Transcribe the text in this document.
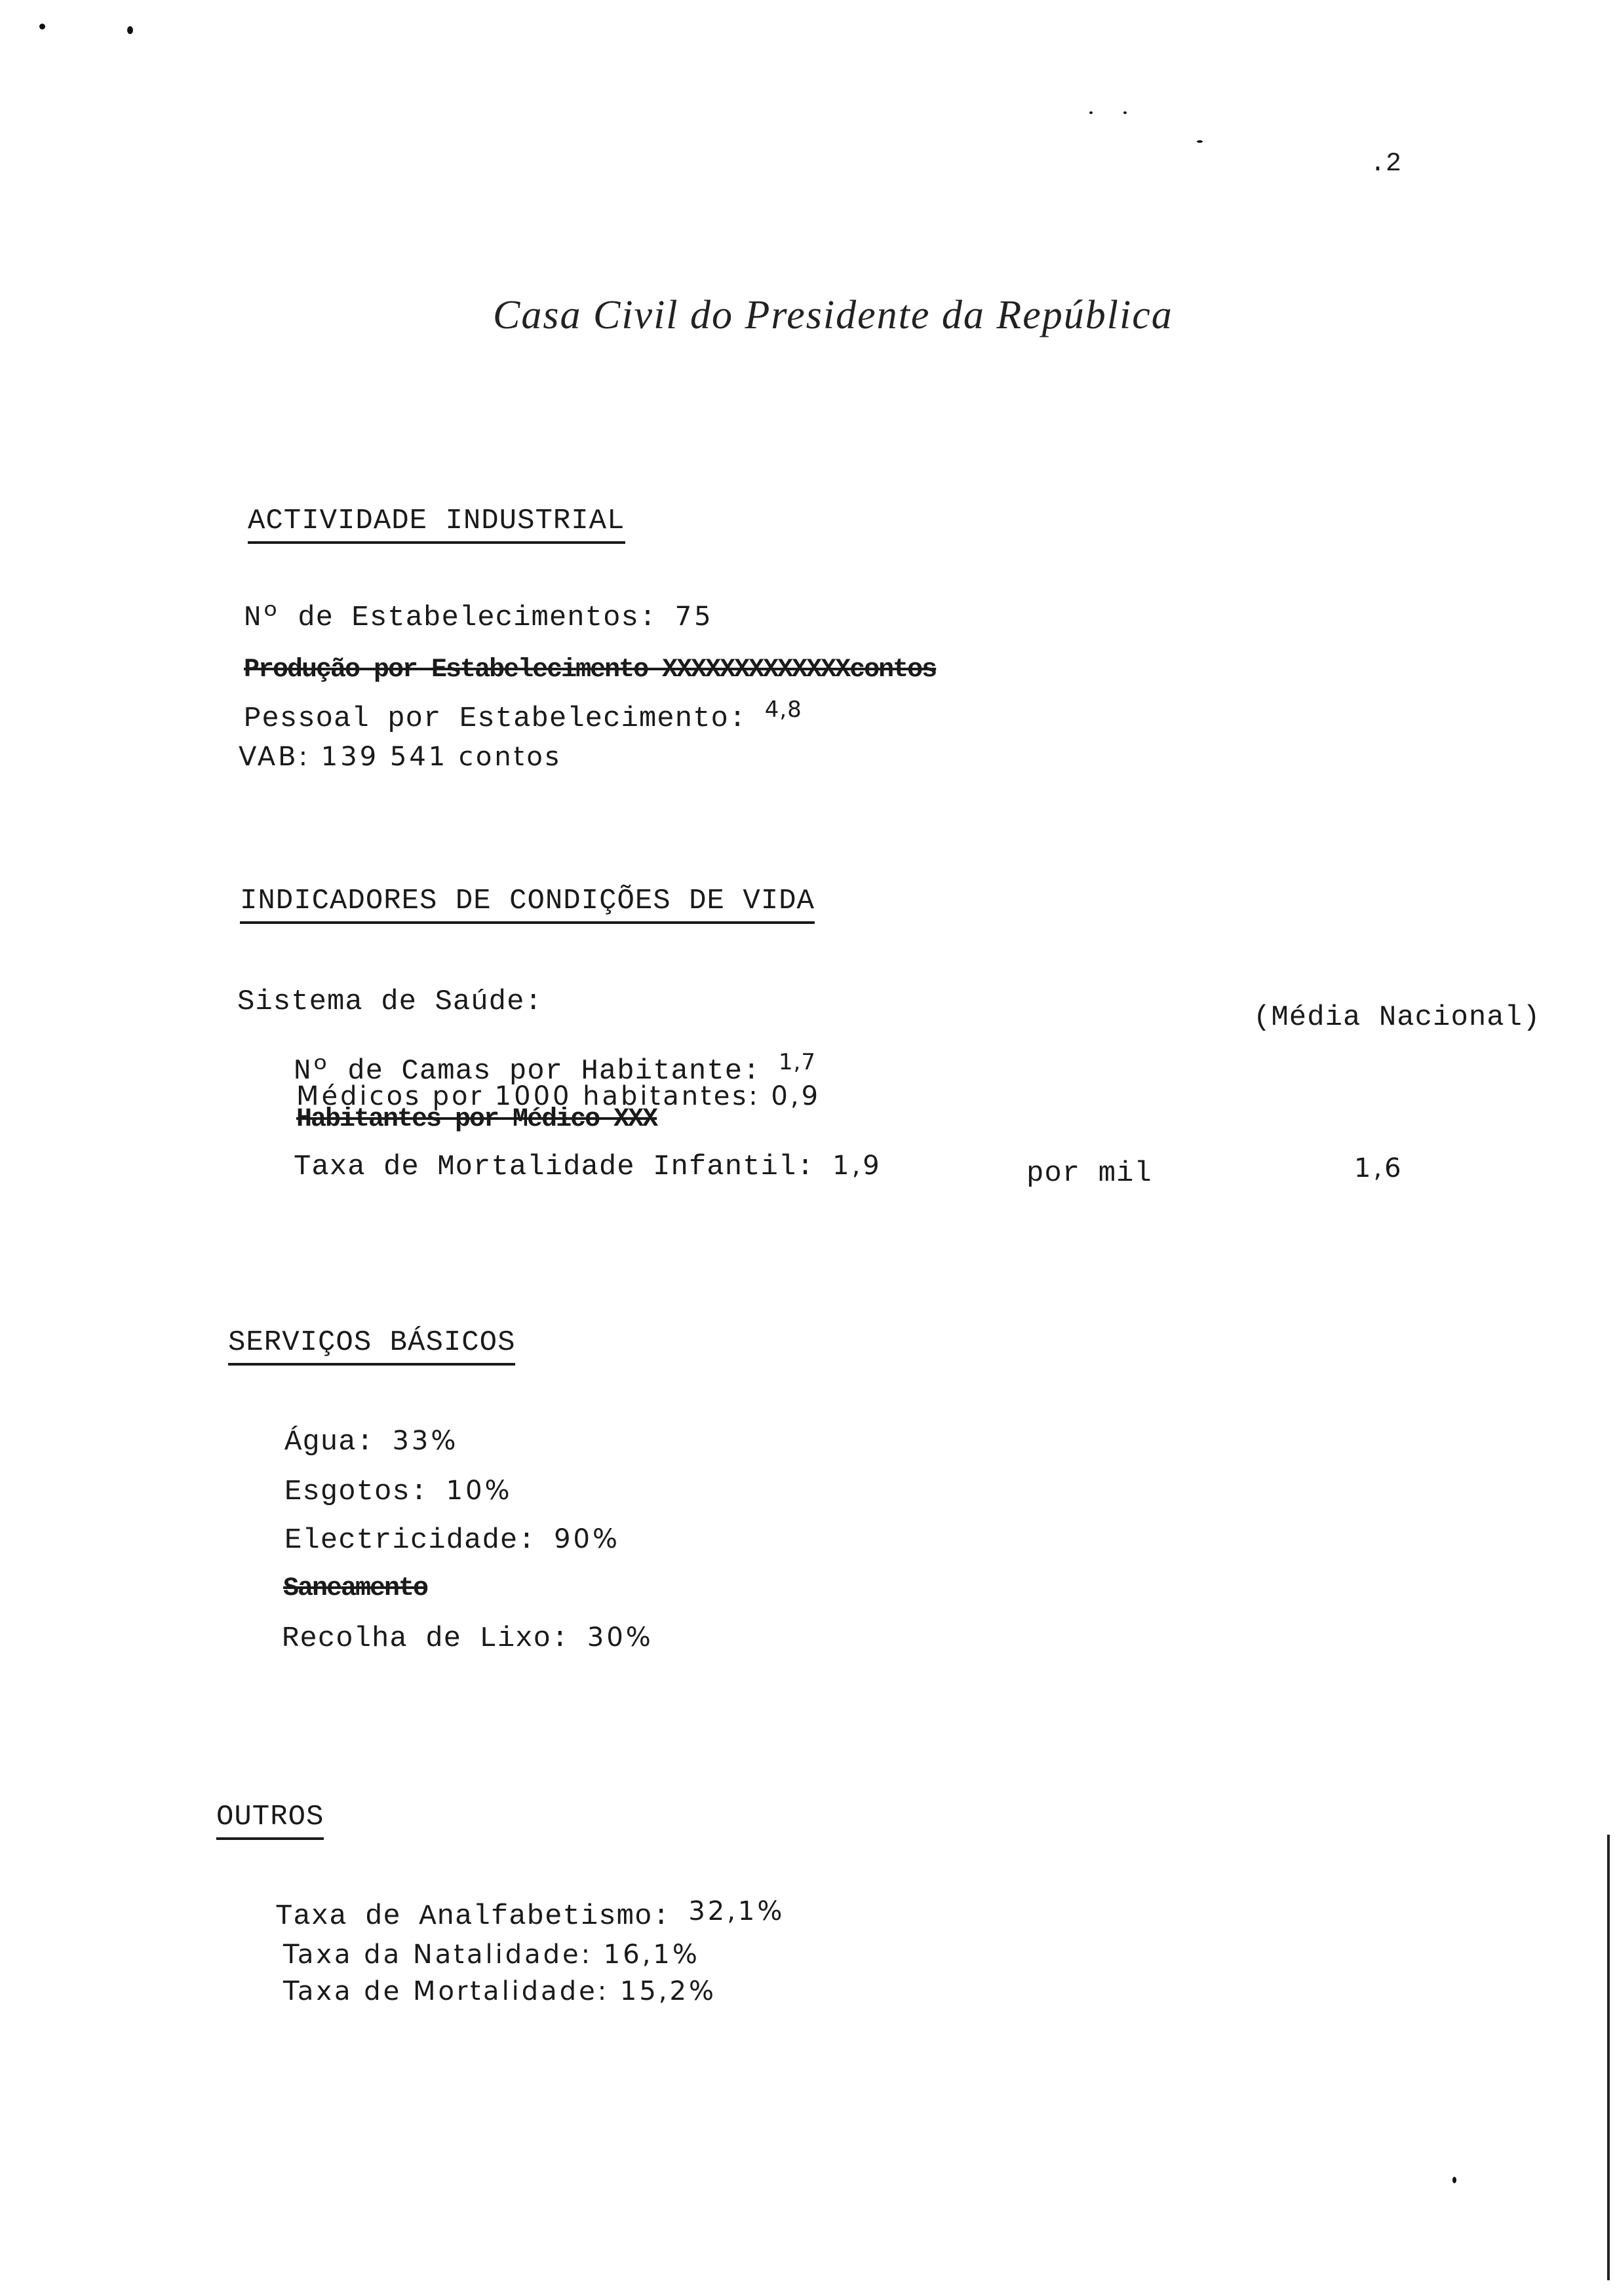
.2
Casa Civil do Presidente da República
ACTIVIDADE INDUSTRIAL
Nº de Estabelecimentos: 75
Produção por Estabelecimento XXXXXXXXXXXXXcontos
Pessoal por Estabelecimento: $^{4,8}$
VAB: 139 541 contos
INDICADORES DE CONDIÇÕES DE VIDA
Sistema de Saúde:	(Média Nacional)
Nº de Camas por Habitante: $^{1,7}$
Médicos por 1000 habitantes: 0,9
Habitantes por Médico XXX
Taxa de Mortalidade Infantil: 1,9	por mil	1,6
SERVIÇOS BÁSICOS
Água: 33%
Esgotos: 10%
Electricidade: 90%
Saneamento
Recolha de Lixo: 30%
OUTROS
Taxa de Analfabetismo: 32,1%
Taxa da Natalidade: 16,1%
Taxa de Mortalidade: 15,2%
